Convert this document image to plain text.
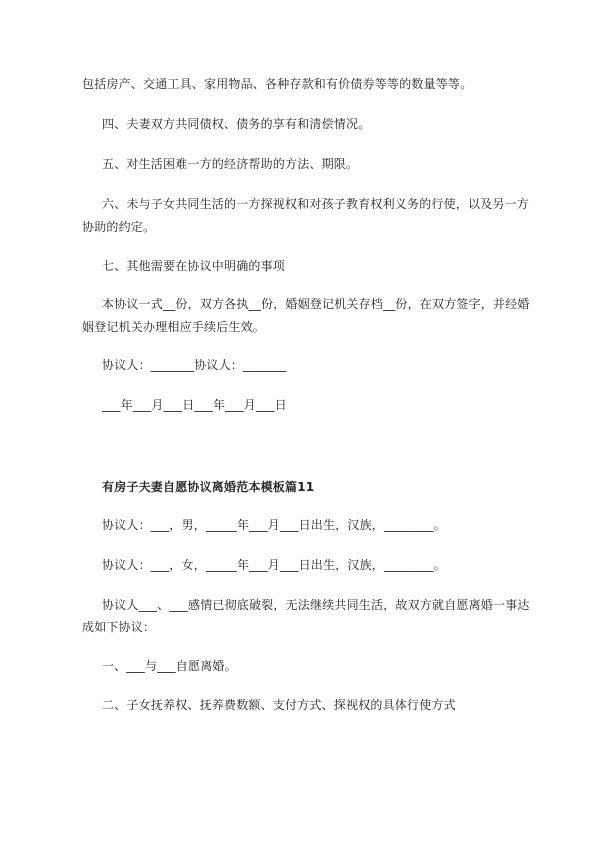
包括房产、交通工具、家用物品、各种存款和有价债券等等的数量等等。
四、夫妻双方共同债权、债务的享有和清偿情况。
五、对生活困难一方的经济帮助的方法、期限。
六、未与子女共同生活的一方探视权和对孩子教育权利义务的行使，以及另一方
协助的约定。
七、其他需要在协议中明确的事项
本协议一式__份，双方各执__份，婚姻登记机关存档__份，在双方签字，并经婚
姻登记机关办理相应手续后生效。
协议人：_______协议人：_______
___年___月___日___年___月___日
有房子夫妻自愿协议离婚范本模板篇11
协议人：___，男，_____年___月___日出生，汉族，________。
协议人：___，女，_____年___月___日出生，汉族，________。
协议人___、___感情已彻底破裂，无法继续共同生活，故双方就自愿离婚一事达
成如下协议：
一、___与___自愿离婚。
二、子女抚养权、抚养费数额、支付方式、探视权的具体行使方式
